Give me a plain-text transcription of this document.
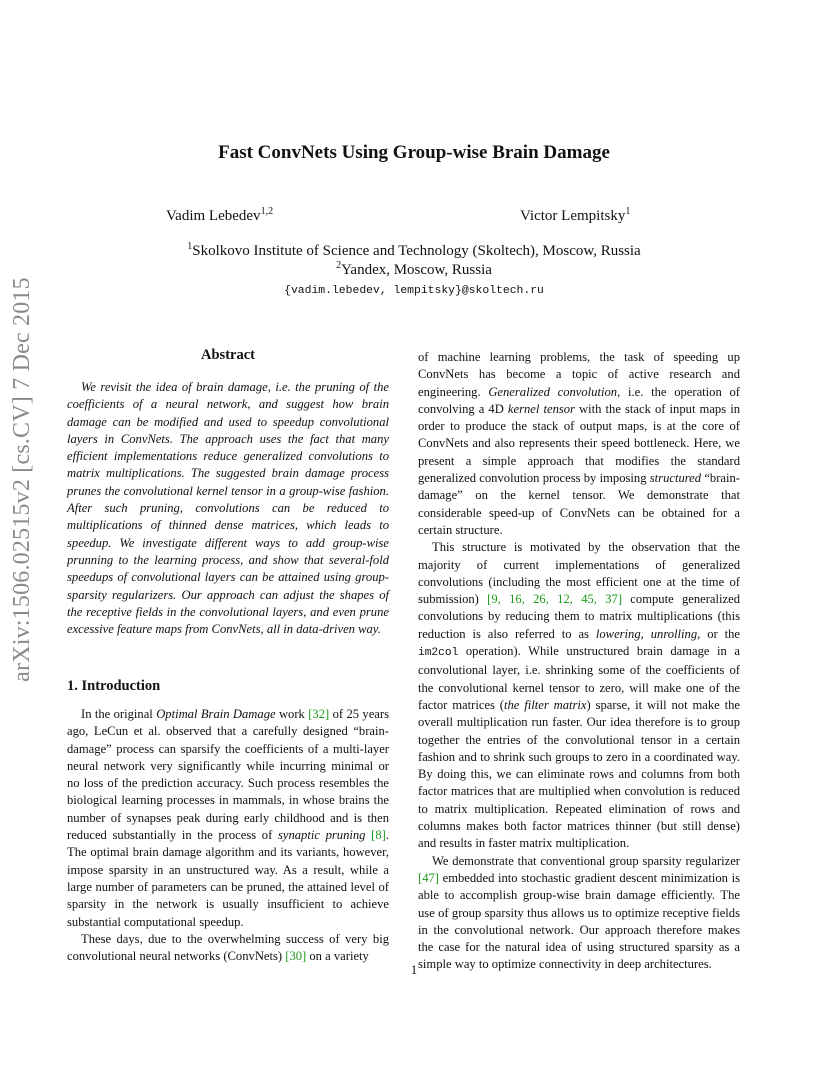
arXiv:1506.02515v2 [cs.CV] 7 Dec 2015
Fast ConvNets Using Group-wise Brain Damage
Vadim Lebedev$^{1,2}$	Victor Lempitsky$^1$
$^1$Skolkovo Institute of Science and Technology (Skoltech), Moscow, Russia
$^2$Yandex, Moscow, Russia
{vadim.lebedev, lempitsky}@skoltech.ru
Abstract

We revisit the idea of brain damage, i.e. the pruning of the coefficients of a neural network, and suggest how brain damage can be modified and used to speedup convolutional layers in ConvNets. The approach uses the fact that many efficient implementations reduce generalized convolutions to matrix multiplications. The suggested brain damage process prunes the convolutional kernel tensor in a group-wise fashion. After such pruning, convolutions can be reduced to multiplications of thinned dense matrices, which leads to speedup. We investigate different ways to add group-wise prunning to the learning process, and show that several-fold speedups of convolutional layers can be attained using group-sparsity regularizers. Our approach can adjust the shapes of the receptive fields in the convolutional layers, and even prune excessive feature maps from ConvNets, all in data-driven way.

1. Introduction

In the original Optimal Brain Damage work [32] of 25 years ago, LeCun et al. observed that a carefully designed “brain-damage” process can sparsify the coefficients of a multi-layer neural network very significantly while incurring minimal or no loss of the prediction accuracy. Such process resembles the biological learning processes in mammals, in whose brains the number of synapses peak during early childhood and is then reduced substantially in the process of synaptic pruning [8]. The optimal brain damage algorithm and its variants, however, impose sparsity in an unstructured way. As a result, while a large number of parameters can be pruned, the attained level of sparsity in the network is usually insufficient to achieve substantial computational speedup.

These days, due to the overwhelming success of very big convolutional neural networks (ConvNets) [30] on a variety

of machine learning problems, the task of speeding up ConvNets has become a topic of active research and engineering. Generalized convolution, i.e. the operation of convolving a 4D kernel tensor with the stack of input maps in order to produce the stack of output maps, is at the core of ConvNets and also represents their speed bottleneck. Here, we present a simple approach that modifies the standard generalized convolution process by imposing structured “brain-damage” on the kernel tensor. We demonstrate that considerable speed-up of ConvNets can be obtained for a certain structure.

This structure is motivated by the observation that the majority of current implementations of generalized convolutions (including the most efficient one at the time of submission) [9, 16, 26, 12, 45, 37] compute generalized convolutions by reducing them to matrix multiplications (this reduction is also referred to as lowering, unrolling, or the im2col operation). While unstructured brain damage in a convolutional layer, i.e. shrinking some of the coefficients of the convolutional kernel tensor to zero, will make one of the factor matrices (the filter matrix) sparse, it will not make the overall multiplication run faster. Our idea therefore is to group together the entries of the convolutional tensor in a certain fashion and to shrink such groups to zero in a coordinated way. By doing this, we can eliminate rows and columns from both factor matrices that are multiplied when convolution is reduced to matrix multiplication. Repeated elimination of rows and columns makes both factor matrices thinner (but still dense) and results in faster matrix multiplication.

We demonstrate that conventional group sparsity regularizer [47] embedded into stochastic gradient descent minimization is able to accomplish group-wise brain damage efficiently. The use of group sparsity thus allows us to optimize receptive fields in the convolutional network. Our approach therefore makes the case for the natural idea of using structured sparsity as a simple way to optimize connectivity in deep architectures.

1
